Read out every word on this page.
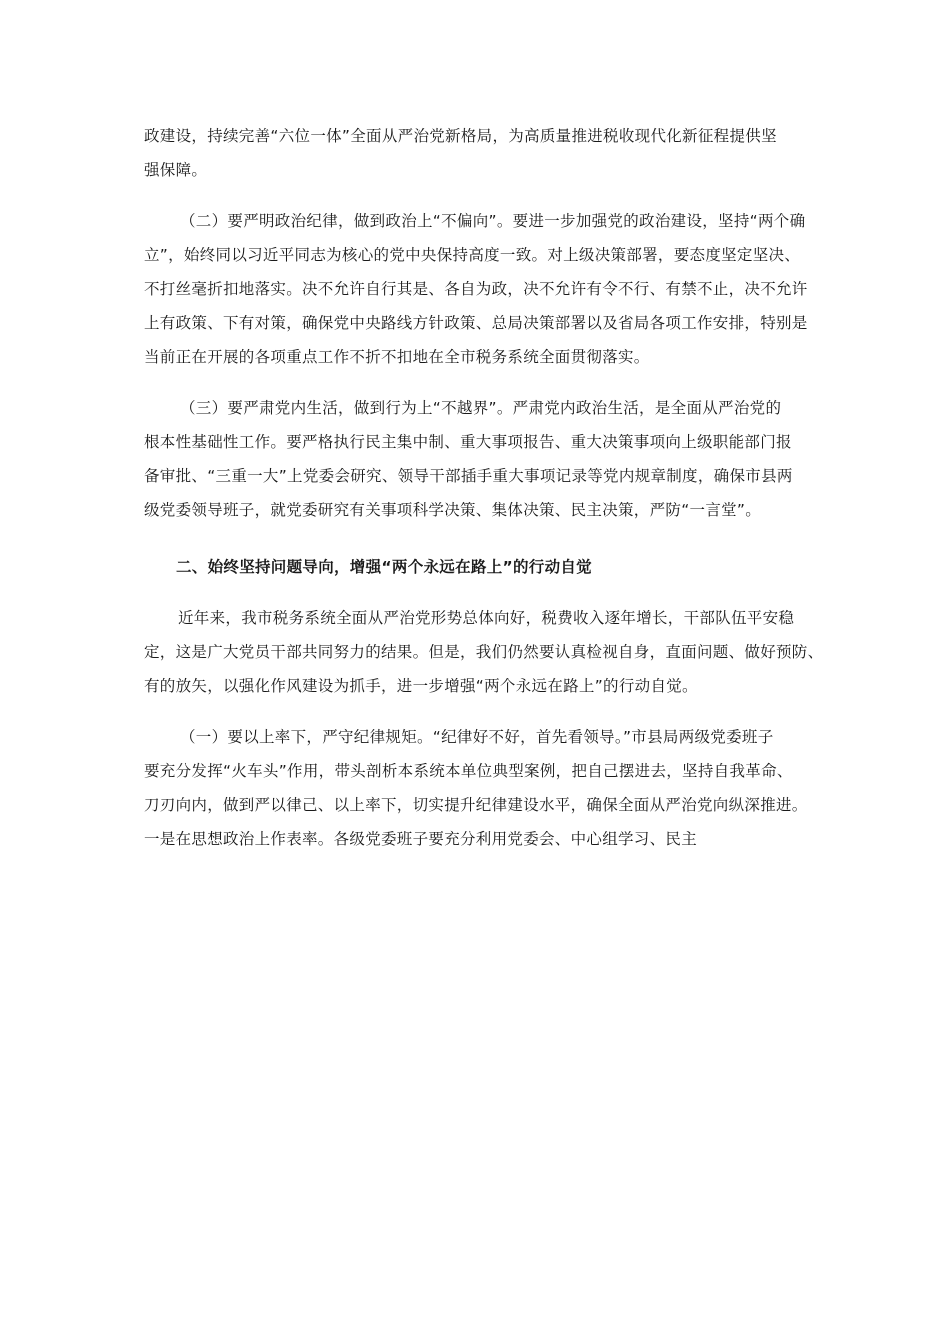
政建设，持续完善“六位一体”全面从严治党新格局，为高质量推进税收现代化新征程提供坚
强保障。
（二）要严明政治纪律，做到政治上“不偏向”。要进一步加强党的政治建设，坚持“两个确
立”，始终同以习近平同志为核心的党中央保持高度一致。对上级决策部署，要态度坚定坚决、
不打丝毫折扣地落实。决不允许自行其是、各自为政，决不允许有令不行、有禁不止，决不允许
上有政策、下有对策，确保党中央路线方针政策、总局决策部署以及省局各项工作安排，特别是
当前正在开展的各项重点工作不折不扣地在全市税务系统全面贯彻落实。
（三）要严肃党内生活，做到行为上“不越界”。严肃党内政治生活，是全面从严治党的
根本性基础性工作。要严格执行民主集中制、重大事项报告、重大决策事项向上级职能部门报
备审批、“三重一大”上党委会研究、领导干部插手重大事项记录等党内规章制度，确保市县两
级党委领导班子，就党委研究有关事项科学决策、集体决策、民主决策，严防“一言堂”。
二、始终坚持问题导向，增强“两个永远在路上”的行动自觉
近年来，我市税务系统全面从严治党形势总体向好，税费收入逐年增长，干部队伍平安稳
定，这是广大党员干部共同努力的结果。但是，我们仍然要认真检视自身，直面问题、做好预防、
有的放矢，以强化作风建设为抓手，进一步增强“两个永远在路上”的行动自觉。
（一）要以上率下，严守纪律规矩。“纪律好不好，首先看领导。”市县局两级党委班子
要充分发挥“火车头”作用，带头剖析本系统本单位典型案例，把自己摆进去，坚持自我革命、
刀刃向内，做到严以律己、以上率下，切实提升纪律建设水平，确保全面从严治党向纵深推进。
一是在思想政治上作表率。各级党委班子要充分利用党委会、中心组学习、民主
